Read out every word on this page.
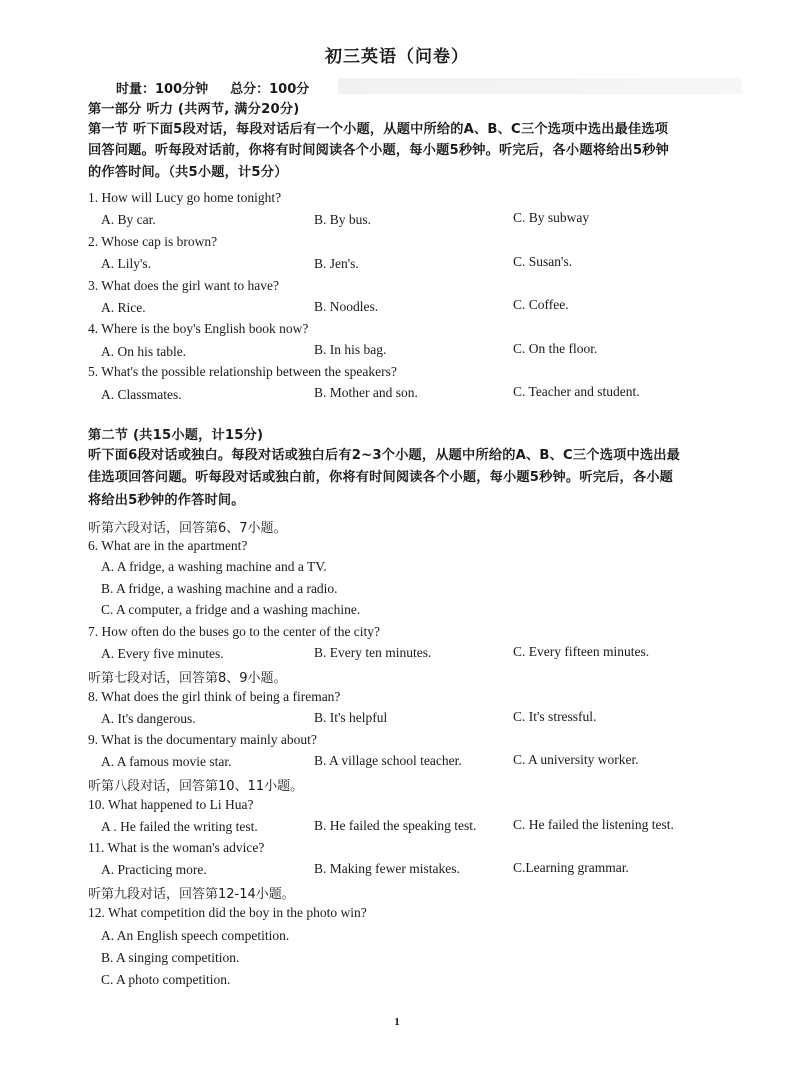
初三英语（问卷）
时量：100分钟 总分：100分
第一部分 听力 (共两节, 满分20分)
第一节 听下面5段对话，每段对话后有一个小题，从题中所给的A、B、C三个选项中选出最佳选项
回答问题。听每段对话前，你将有时间阅读各个小题，每小题5秒钟。听完后，各小题将给出5秒钟
的作答时间。（共5小题，计5分）
1. How will Lucy go home tonight?
A. By car.	B. By bus.	C. By subway
2. Whose cap is brown?
A. Lily's.	B. Jen's.	C. Susan's.
3. What does the girl want to have?
A. Rice.	B. Noodles.	C. Coffee.
4. Where is the boy's English book now?
A. On his table.	B. In his bag.	C. On the floor.
5. What's the possible relationship between the speakers?
A. Classmates.	B. Mother and son.	C. Teacher and student.
第二节 (共15小题，计15分)
听下面6段对话或独白。每段对话或独白后有2~3个小题，从题中所给的A、B、C三个选项中选出最
佳选项回答问题。听每段对话或独白前，你将有时间阅读各个小题，每小题5秒钟。听完后，各小题
将给出5秒钟的作答时间。
听第六段对话，回答第6、7小题。
6. What are in the apartment?
A. A fridge, a washing machine and a TV.
B. A fridge, a washing machine and a radio.
C. A computer, a fridge and a washing machine.
7. How often do the buses go to the center of the city?
A. Every five minutes.	B. Every ten minutes.	C. Every fifteen minutes.
听第七段对话，回答第8、9小题。
8. What does the girl think of being a fireman?
A. It's dangerous.	B. It's helpful	C. It's stressful.
9. What is the documentary mainly about?
A. A famous movie star.	B. A village school teacher.	C. A university worker.
听第八段对话，回答第10、11小题。
10. What happened to Li Hua?
A . He failed the writing test.	B. He failed the speaking test.	C. He failed the listening test.
11. What is the woman's advice?
A. Practicing more.	B. Making fewer mistakes.	C.Learning grammar.
听第九段对话，回答第12-14小题。
12. What competition did the boy in the photo win?
A. An English speech competition.
B. A singing competition.
C. A photo competition.
1
